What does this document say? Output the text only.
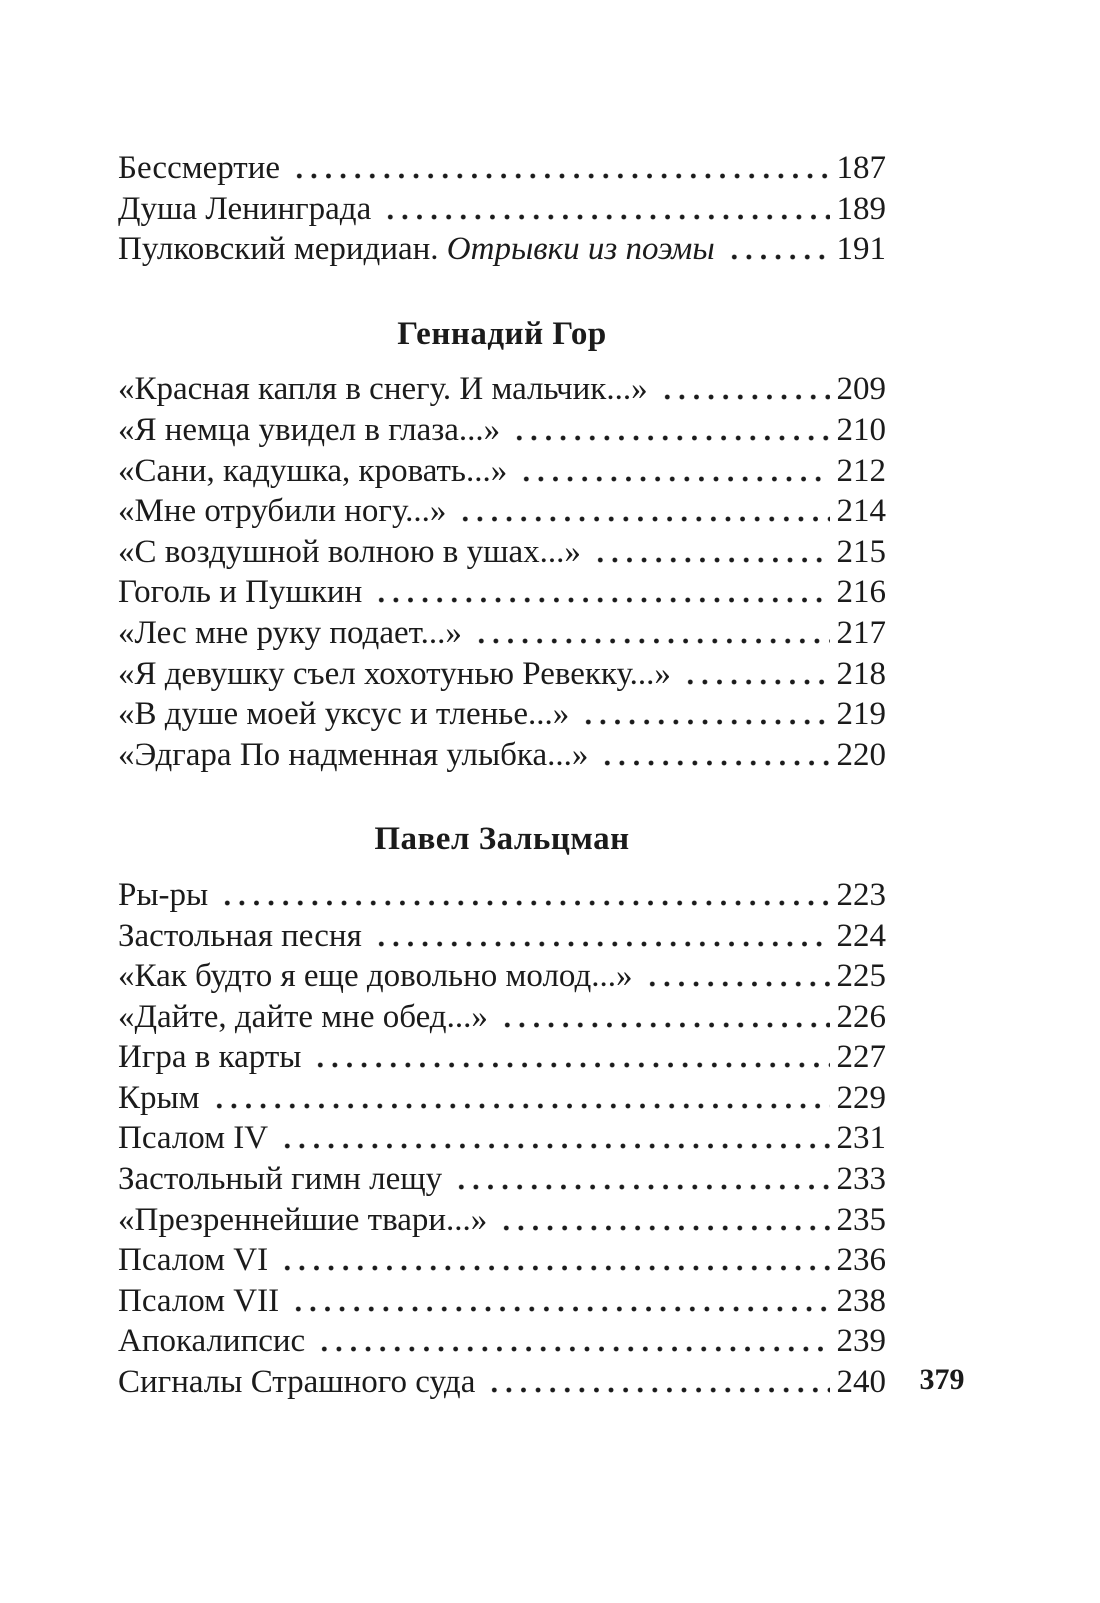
Бессмертие	187
Душа Ленинграда	189
Пулковский меридиан. Отрывки из поэмы	191
Геннадий Гор
«Красная капля в снегу. И мальчик...»	209
«Я немца увидел в глаза...»	210
«Сани, кадушка, кровать...»	212
«Мне отрубили ногу...»	214
«С воздушной волною в ушах...»	215
Гоголь и Пушкин	216
«Лес мне руку подает...»	217
«Я девушку съел хохотунью Ревекку...»	218
«В душе моей уксус и тленье...»	219
«Эдгара По надменная улыбка...»	220
Павел Зальцман
Ры-ры	223
Застольная песня	224
«Как будто я еще довольно молод...»	225
«Дайте, дайте мне обед...»	226
Игра в карты	227
Крым	229
Псалом IV	231
Застольный гимн лещу	233
«Презреннейшие твари...»	235
Псалом VI	236
Псалом VII	238
Апокалипсис	239
Сигналы Страшного суда	240	379
